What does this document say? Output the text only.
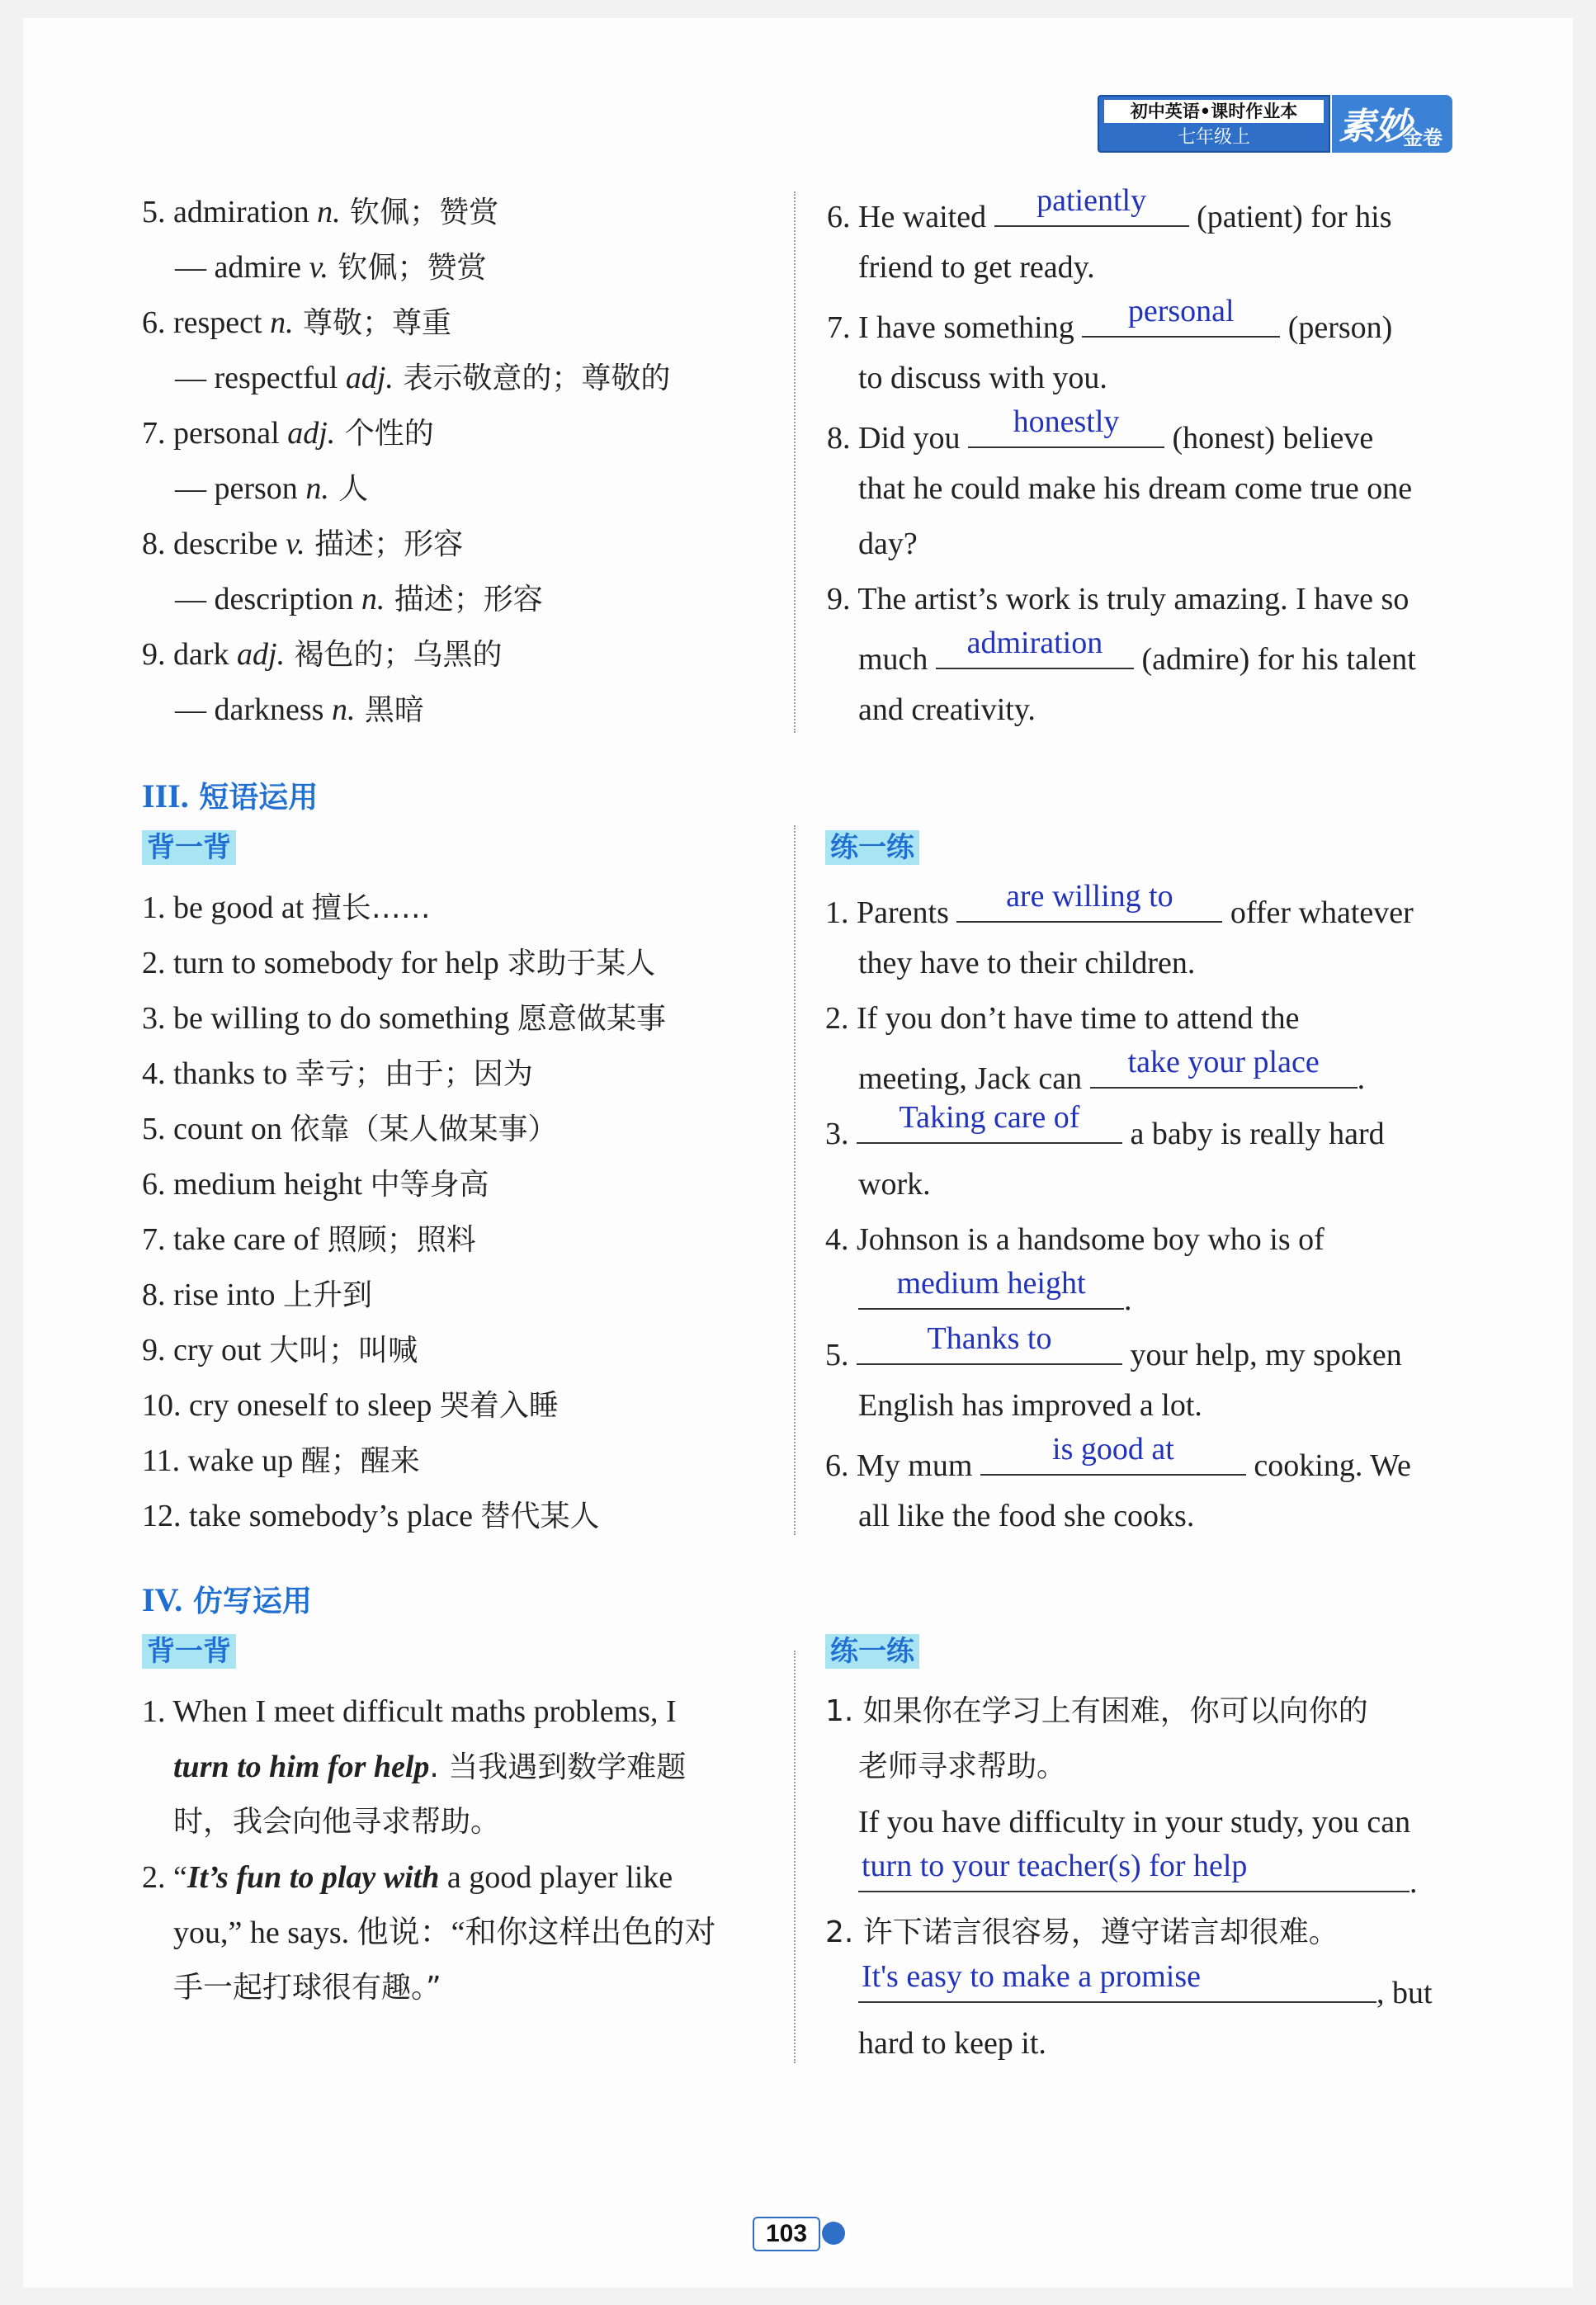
初中英语•课时作业本
七年级上	素妙
金卷
5. admiration n. 钦佩；赞赏
— admire v. 钦佩；赞赏
6. respect n. 尊敬；尊重
— respectful adj. 表示敬意的；尊敬的
7. personal adj. 个性的
— person n. 人
8. describe v. 描述；形容
— description n. 描述；形容
9. dark adj. 褐色的；乌黑的
— darkness n. 黑暗
6. He waited	patiently	(patient) for his
friend to get ready.
7. I have something	personal	(person)
to discuss with you.
8. Did you	honestly	(honest) believe
that he could make his dream come true one
day?
9. The artist’s work is truly amazing. I have so
much admiration (admire) for his talent
and creativity.
III. 短语运用
背一背	练一练
1. be good at 擅长……
2. turn to somebody for help 求助于某人
3. be willing to do something 愿意做某事
4. thanks to 幸亏；由于；因为
5. count on 依靠（某人做某事）
6. medium height 中等身高
7. take care of 照顾；照料
8. rise into 上升到
9. cry out 大叫；叫喊
10. cry oneself to sleep 哭着入睡
11. wake up 醒；醒来
12. take somebody’s place 替代某人
1. Parents	are willing to	offer whatever
they have to their children.
2. If you don’t have time to attend the
meeting, Jack can	take your place	.
3.	Taking care of	a baby is really hard
work.
4. Johnson is a handsome boy who is of
medium height	.
5.	Thanks to	your help, my spoken
English has improved a lot.
6. My mum	is good at	cooking. We
all like the food she cooks.
IV. 仿写运用
背一背	练一练
1. When I meet difficult maths problems, I
turn to him for help. 当我遇到数学难题
时，我会向他寻求帮助。
2. “It’s fun to play with a good player like
you,” he says. 他说：“和你这样出色的对
手一起打球很有趣。”
1. 如果你在学习上有困难，你可以向你的
老师寻求帮助。
If you have difficulty in your study, you can
turn to your teacher(s) for help	.
2. 许下诺言很容易，遵守诺言却很难。
It's easy to make a promise	, but
hard to keep it.
103
